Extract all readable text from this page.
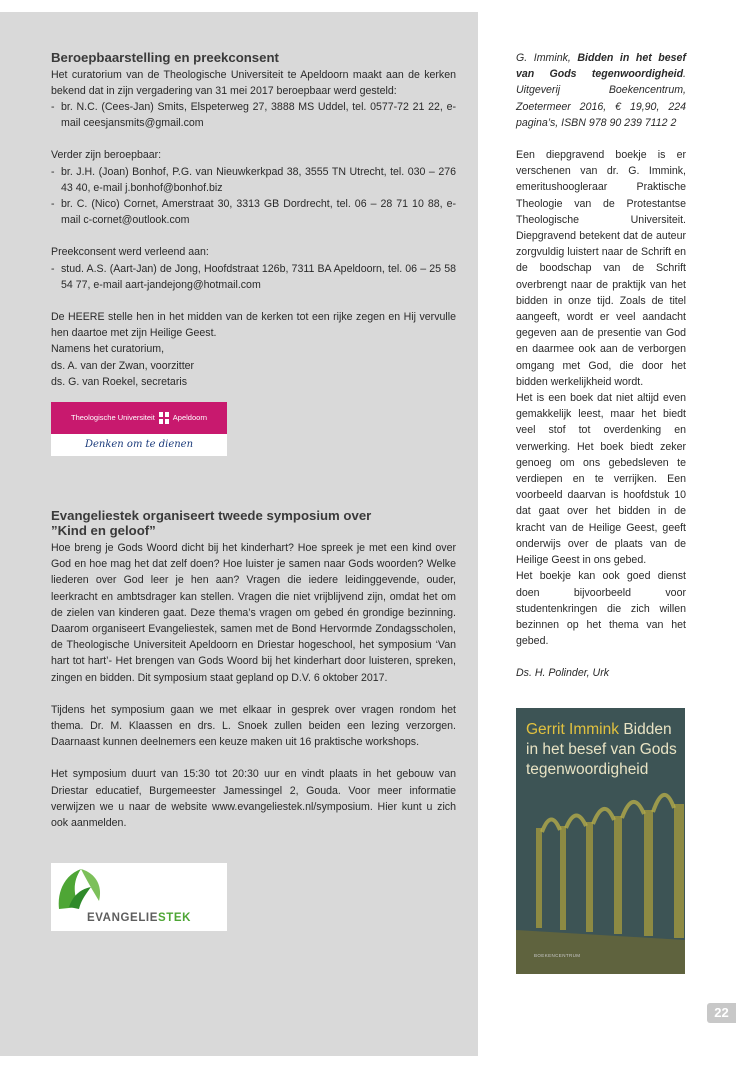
Beroepbaarstelling en preekconsent

Het curatorium van de Theologische Universiteit te Apeldoorn maakt aan de kerken bekend dat in zijn vergadering van 31 mei 2017 beroepbaar werd gesteld:

- br. N.C. (Cees-Jan) Smits, Elspeterweg 27, 3888 MS Uddel, tel. 0577-72 21 22, e-mail ceesjansmits@gmail.com

Verder zijn beroepbaar:

- br. J.H. (Joan) Bonhof, P.G. van Nieuwkerkpad 38, 3555 TN Utrecht, tel. 030 – 276 43 40, e-mail j.bonhof@bonhof.biz
- br. C. (Nico) Cornet, Amerstraat 30, 3313 GB Dordrecht, tel. 06 – 28 71 10 88, e-mail c-cornet@outlook.com

Preekconsent werd verleend aan:

- stud. A.S. (Aart-Jan) de Jong, Hoofdstraat 126b, 7311 BA Apeldoorn, tel. 06 – 25 58 54 77, e-mail aart-jandejong@hotmail.com

De HEERE stelle hen in het midden van de kerken tot een rijke zegen en Hij vervulle hen daartoe met zijn Heilige Geest.

Namens het curatorium,

ds. A. van der Zwan, voorzitter

ds. G. van Roekel, secretaris

Theologische Universiteit Apeldoorn
Denken om te dienen
Evangeliestek organiseert tweede symposium over
”Kind en geloof”

Hoe breng je Gods Woord dicht bij het kinderhart? Hoe spreek je met een kind over God en hoe mag het dat zelf doen? Hoe luister je samen naar Gods woorden? Welke liederen over God leer je hen aan? Vragen die iedere leidinggevende, ouder, leerkracht en ambtsdrager kan stellen. Vragen die niet vrijblijvend zijn, omdat het om de zielen van kinderen gaat. Deze thema’s vragen om gebed én grondige bezinning. Daarom organiseert Evangeliestek, samen met de Bond Hervormde Zondagsscholen, de Theologische Universiteit Apeldoorn en Driestar hogeschool, het symposium ‘Van hart tot hart’- Het brengen van Gods Woord bij het kinderhart door luisteren, spreken, zingen en bidden. Dit symposium staat gepland op D.V. 6 oktober 2017.

Tijdens het symposium gaan we met elkaar in gesprek over vragen rondom het thema. Dr. M. Klaassen en drs. L. Snoek zullen beiden een lezing verzorgen. Daarnaast kunnen deelnemers een keuze maken uit 16 praktische workshops.

Het symposium duurt van 15:30 tot 20:30 uur en vindt plaats in het gebouw van Driestar educatief, Burgemeester Jamessingel 2, Gouda. Voor meer informatie verwijzen we u naar de website www.evangeliestek.nl/symposium. Hier kunt u zich ook aanmelden.

EVANGELIESTEK

G. Immink, Bidden in het besef van Gods tegenwoordigheid. Uitgeverij Boekencentrum, Zoetermeer 2016, € 19,90, 224 pagina’s, ISBN 978 90 239 7112 2

Een diepgravend boekje is er verschenen van dr. G. Immink, emeritushoogleraar Praktische Theologie van de Protestantse Theologische Universiteit. Diepgravend betekent dat de auteur zorgvuldig luistert naar de Schrift en de boodschap van de Schrift overbrengt naar de praktijk van het bidden in onze tijd. Zoals de titel aangeeft, wordt er veel aandacht gegeven aan de presentie van God en daarmee ook aan de verborgen omgang met God, die door het bidden werkelijkheid wordt.

Het is een boek dat niet altijd even gemakkelijk leest, maar het biedt veel stof tot overdenking en verwerking. Het boek biedt zeker genoeg om ons gebedsleven te verdiepen en te verrijken. Een voorbeeld daarvan is hoofdstuk 10 dat gaat over het bidden in de kracht van de Heilige Geest, geeft onderwijs over de plaats van de Heilige Geest in ons gebed.

Het boekje kan ook goed dienst doen bijvoorbeeld voor studentenkringen die zich willen bezinnen op het thema van het gebed.

Ds. H. Polinder, Urk

Gerrit Immink Bidden in het besef van Gods tegenwoordigheid
BOEKENCENTRUM
22
